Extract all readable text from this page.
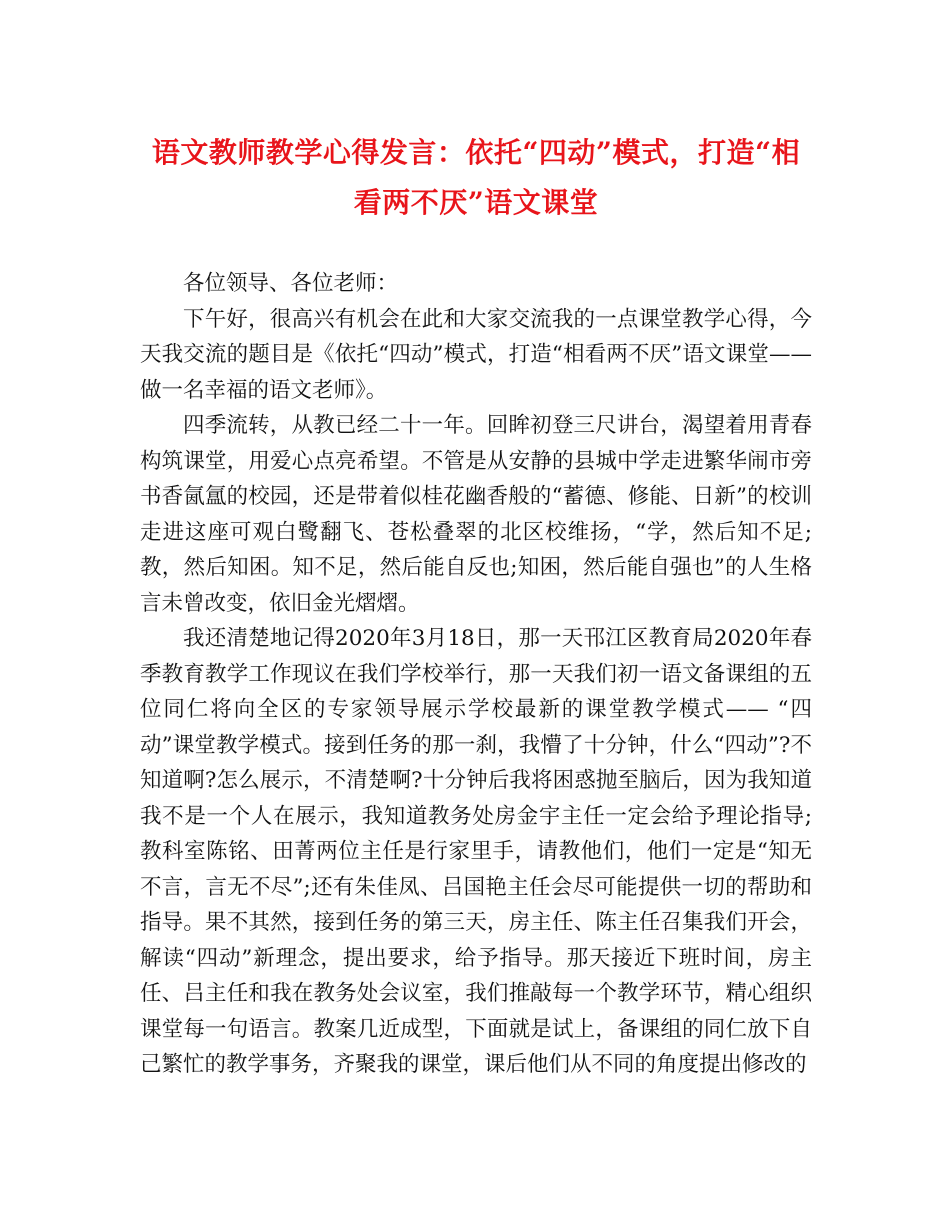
语文教师教学心得发言：依托“四动”模式，打造“相看两不厌”语文课堂

各位领导、各位老师：

下午好，很高兴有机会在此和大家交流我的一点课堂教学心得，今天我交流的题目是《依托“四动”模式，打造“相看两不厌”语文课堂——做一名幸福的语文老师》。

四季流转，从教已经二十一年。回眸初登三尺讲台，渴望着用青春构筑课堂，用爱心点亮希望。不管是从安静的县城中学走进繁华闹市旁书香氤氲的校园，还是带着似桂花幽香般的“蓄德、修能、日新”的校训走进这座可观白鹭翻飞、苍松叠翠的北区校维扬，“学，然后知不足;教，然后知困。知不足，然后能自反也;知困，然后能自强也”的人生格言未曾改变，依旧金光熠熠。

我还清楚地记得2020年3月18日，那一天邗江区教育局2020年春季教育教学工作现议在我们学校举行，那一天我们初一语文备课组的五位同仁将向全区的专家领导展示学校最新的课堂教学模式—— “四动”课堂教学模式。接到任务的那一刹，我懵了十分钟，什么“四动”?不知道啊?怎么展示，不清楚啊?十分钟后我将困惑抛至脑后，因为我知道我不是一个人在展示，我知道教务处房金宇主任一定会给予理论指导;教科室陈铭、田菁两位主任是行家里手，请教他们，他们一定是“知无不言，言无不尽”;还有朱佳凤、吕国艳主任会尽可能提供一切的帮助和指导。果不其然，接到任务的第三天，房主任、陈主任召集我们开会，解读“四动”新理念，提出要求，给予指导。那天接近下班时间，房主任、吕主任和我在教务处会议室，我们推敲每一个教学环节，精心组织课堂每一句语言。教案几近成型，下面就是试上，备课组的同仁放下自己繁忙的教学事务，齐聚我的课堂，课后他们从不同的角度提出修改的
